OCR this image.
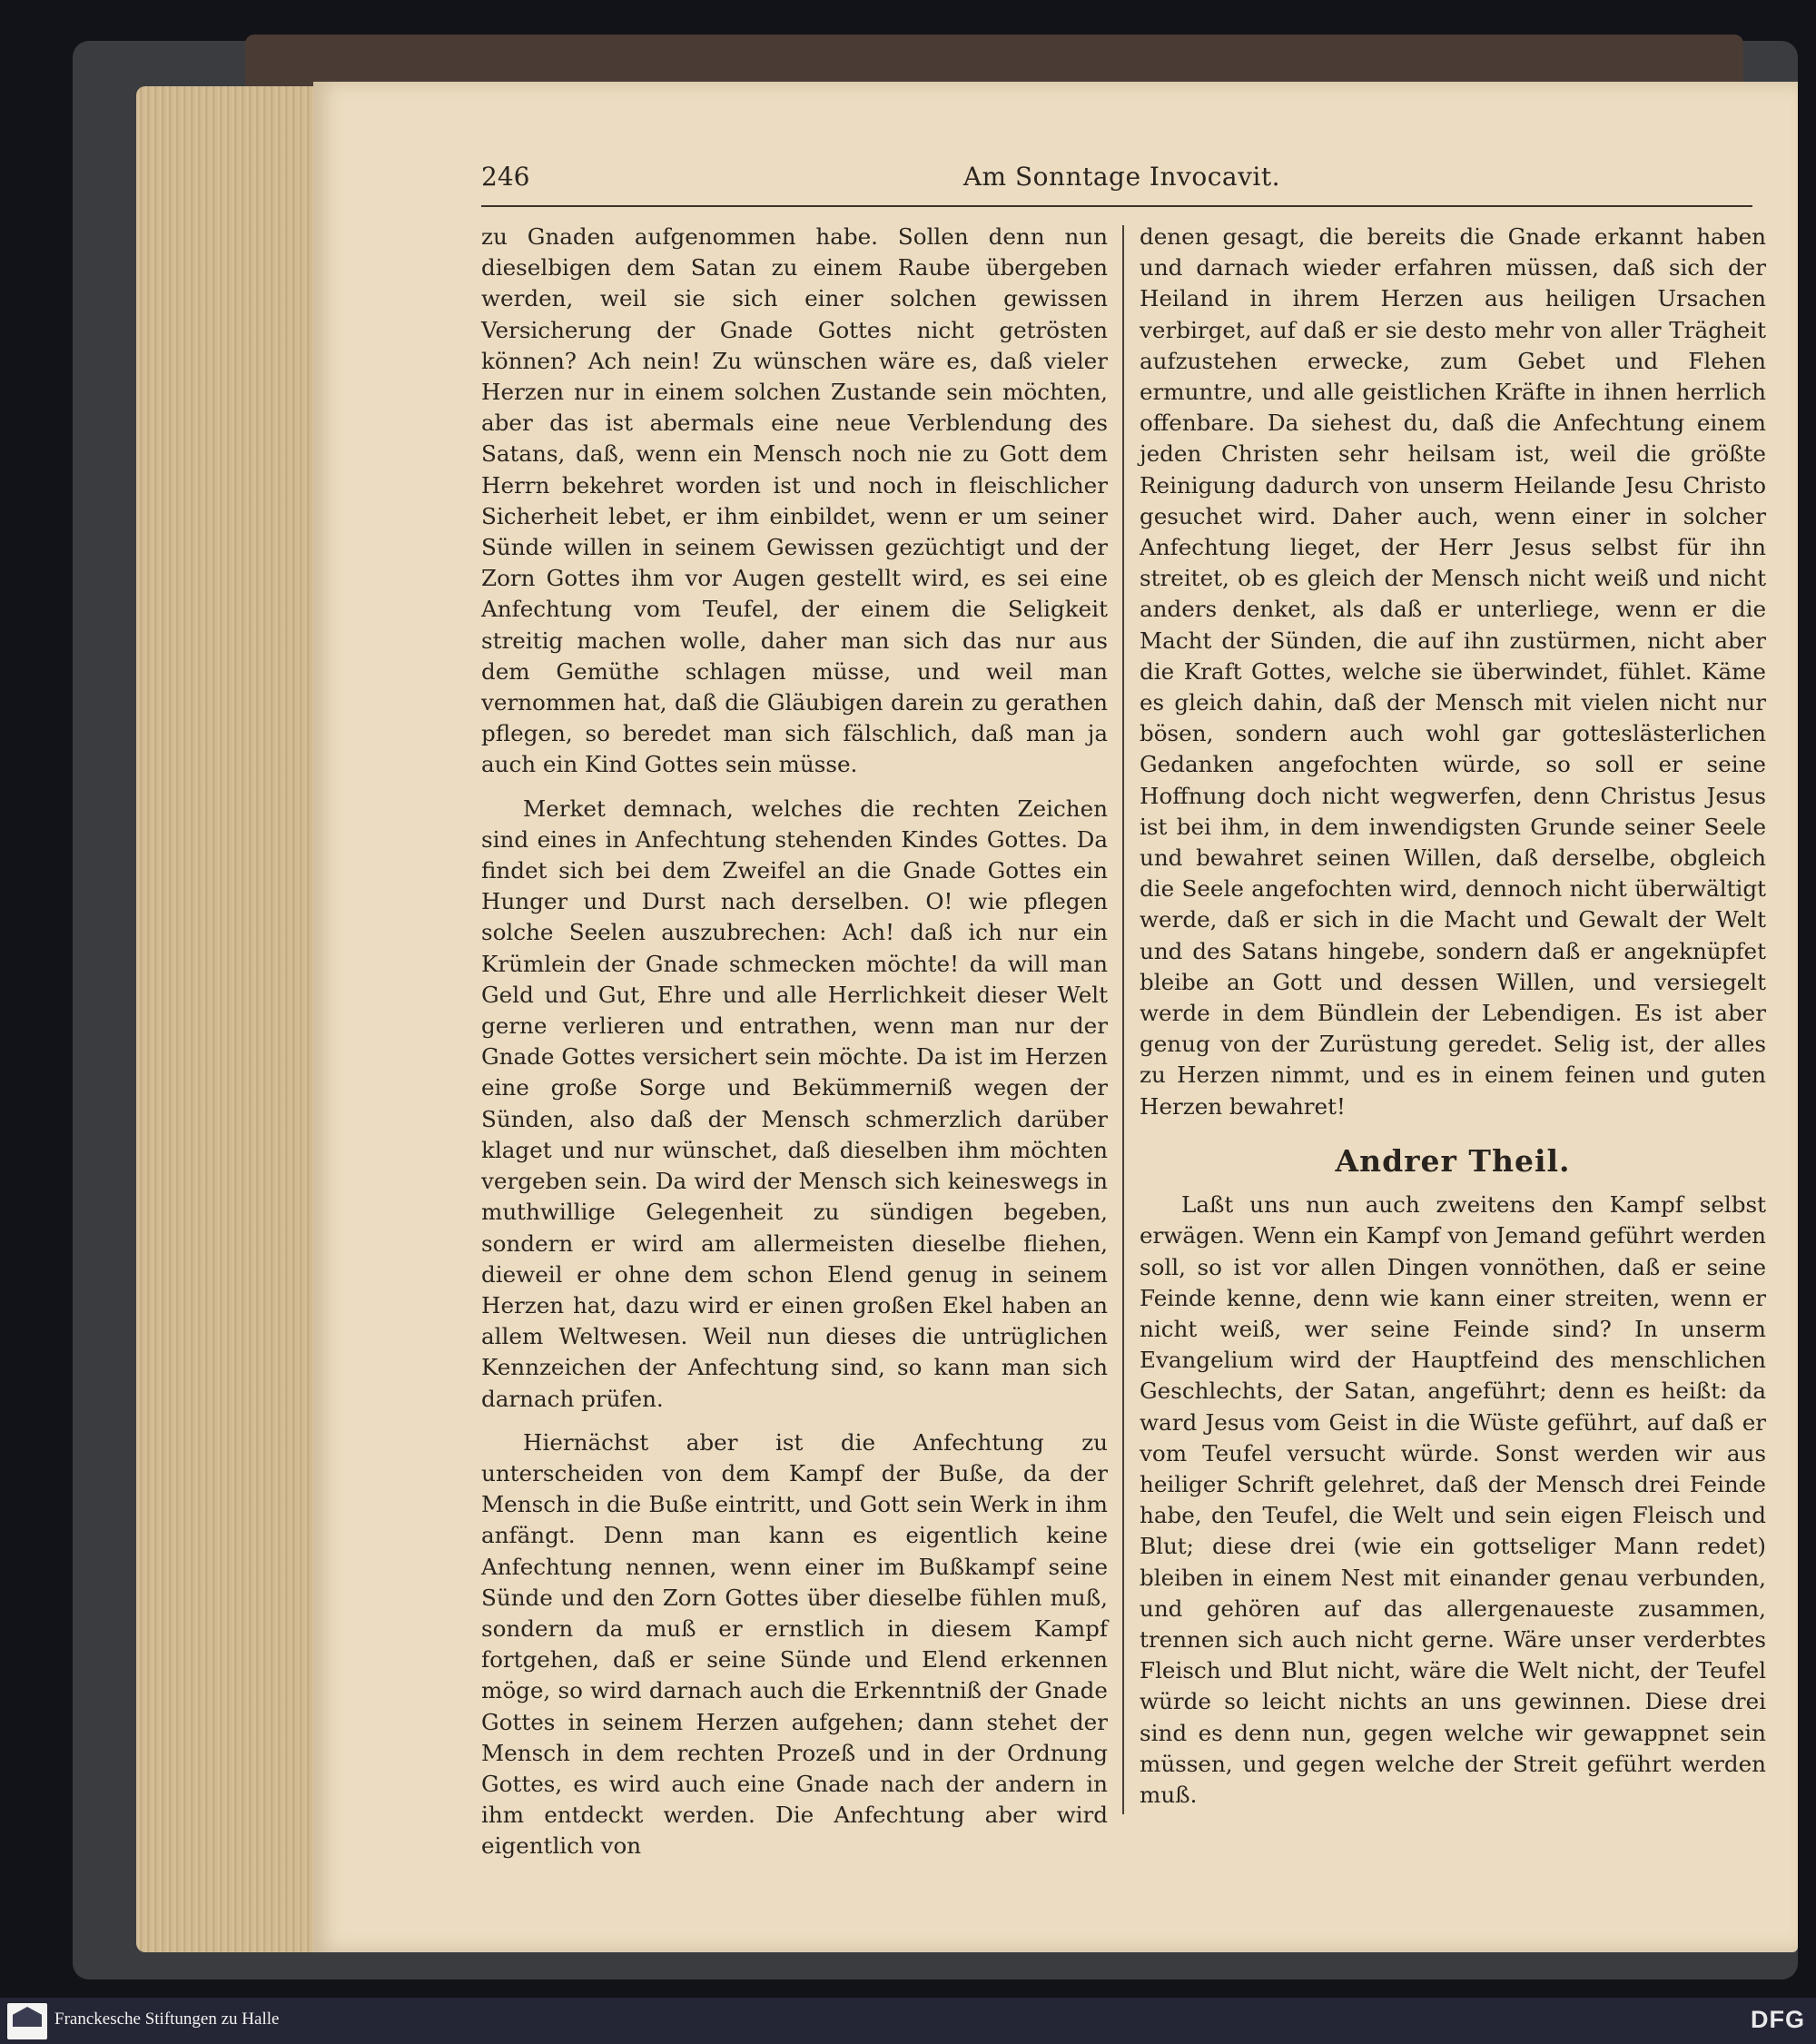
246	Am Sonntage Invocavit.

zu Gnaden aufgenommen habe. Sollen denn nun dieselbigen dem Satan zu einem Raube übergeben werden, weil sie sich einer solchen gewissen Versicherung der Gnade Gottes nicht getrösten können? Ach nein! Zu wünschen wäre es, daß vieler Herzen nur in einem solchen Zustande sein möchten, aber das ist abermals eine neue Verblendung des Satans, daß, wenn ein Mensch noch nie zu Gott dem Herrn bekehret worden ist und noch in fleischlicher Sicherheit lebet, er ihm einbildet, wenn er um seiner Sünde willen in seinem Gewissen gezüchtigt und der Zorn Gottes ihm vor Augen gestellt wird, es sei eine Anfechtung vom Teufel, der einem die Seligkeit streitig machen wolle, daher man sich das nur aus dem Gemüthe schlagen müsse, und weil man vernommen hat, daß die Gläubigen darein zu gerathen pflegen, so beredet man sich fälschlich, daß man ja auch ein Kind Gottes sein müsse.

Merket demnach, welches die rechten Zeichen sind eines in Anfechtung stehenden Kindes Gottes. Da findet sich bei dem Zweifel an die Gnade Gottes ein Hunger und Durst nach derselben. O! wie pflegen solche Seelen auszubrechen: Ach! daß ich nur ein Krümlein der Gnade schmecken möchte! da will man Geld und Gut, Ehre und alle Herrlichkeit dieser Welt gerne verlieren und entrathen, wenn man nur der Gnade Gottes versichert sein möchte. Da ist im Herzen eine große Sorge und Bekümmerniß wegen der Sünden, also daß der Mensch schmerzlich darüber klaget und nur wünschet, daß dieselben ihm möchten vergeben sein. Da wird der Mensch sich keineswegs in muthwillige Gelegenheit zu sündigen begeben, sondern er wird am allermeisten dieselbe fliehen, dieweil er ohne dem schon Elend genug in seinem Herzen hat, dazu wird er einen großen Ekel haben an allem Weltwesen. Weil nun dieses die untrüglichen Kennzeichen der Anfechtung sind, so kann man sich darnach prüfen.

Hiernächst aber ist die Anfechtung zu unterscheiden von dem Kampf der Buße, da der Mensch in die Buße eintritt, und Gott sein Werk in ihm anfängt. Denn man kann es eigentlich keine Anfechtung nennen, wenn einer im Bußkampf seine Sünde und den Zorn Gottes über dieselbe fühlen muß, sondern da muß er ernstlich in diesem Kampf fortgehen, daß er seine Sünde und Elend erkennen möge, so wird darnach auch die Erkenntniß der Gnade Gottes in seinem Herzen aufgehen; dann stehet der Mensch in dem rechten Prozeß und in der Ordnung Gottes, es wird auch eine Gnade nach der andern in ihm entdeckt werden. Die Anfechtung aber wird eigentlich von

denen gesagt, die bereits die Gnade erkannt haben und darnach wieder erfahren müssen, daß sich der Heiland in ihrem Herzen aus heiligen Ursachen verbirget, auf daß er sie desto mehr von aller Trägheit aufzustehen erwecke, zum Gebet und Flehen ermuntre, und alle geistlichen Kräfte in ihnen herrlich offenbare. Da siehest du, daß die Anfechtung einem jeden Christen sehr heilsam ist, weil die größte Reinigung dadurch von unserm Heilande Jesu Christo gesuchet wird. Daher auch, wenn einer in solcher Anfechtung lieget, der Herr Jesus selbst für ihn streitet, ob es gleich der Mensch nicht weiß und nicht anders denket, als daß er unterliege, wenn er die Macht der Sünden, die auf ihn zustürmen, nicht aber die Kraft Gottes, welche sie überwindet, fühlet. Käme es gleich dahin, daß der Mensch mit vielen nicht nur bösen, sondern auch wohl gar gotteslästerlichen Gedanken angefochten würde, so soll er seine Hoffnung doch nicht wegwerfen, denn Christus Jesus ist bei ihm, in dem inwendigsten Grunde seiner Seele und bewahret seinen Willen, daß derselbe, obgleich die Seele angefochten wird, dennoch nicht überwältigt werde, daß er sich in die Macht und Gewalt der Welt und des Satans hingebe, sondern daß er angeknüpfet bleibe an Gott und dessen Willen, und versiegelt werde in dem Bündlein der Lebendigen. Es ist aber genug von der Zurüstung geredet. Selig ist, der alles zu Herzen nimmt, und es in einem feinen und guten Herzen bewahret!

Andrer Theil.

Laßt uns nun auch zweitens den Kampf selbst erwägen. Wenn ein Kampf von Jemand geführt werden soll, so ist vor allen Dingen vonnöthen, daß er seine Feinde kenne, denn wie kann einer streiten, wenn er nicht weiß, wer seine Feinde sind? In unserm Evangelium wird der Hauptfeind des menschlichen Geschlechts, der Satan, angeführt; denn es heißt: da ward Jesus vom Geist in die Wüste geführt, auf daß er vom Teufel versucht würde. Sonst werden wir aus heiliger Schrift gelehret, daß der Mensch drei Feinde habe, den Teufel, die Welt und sein eigen Fleisch und Blut; diese drei (wie ein gottseliger Mann redet) bleiben in einem Nest mit einander genau verbunden, und gehören auf das allergenaueste zusammen, trennen sich auch nicht gerne. Wäre unser verderbtes Fleisch und Blut nicht, wäre die Welt nicht, der Teufel würde so leicht nichts an uns gewinnen. Diese drei sind es denn nun, gegen welche wir gewappnet sein müssen, und gegen welche der Streit geführt werden muß.

Franckesche Stiftungen zu Halle	DFG
